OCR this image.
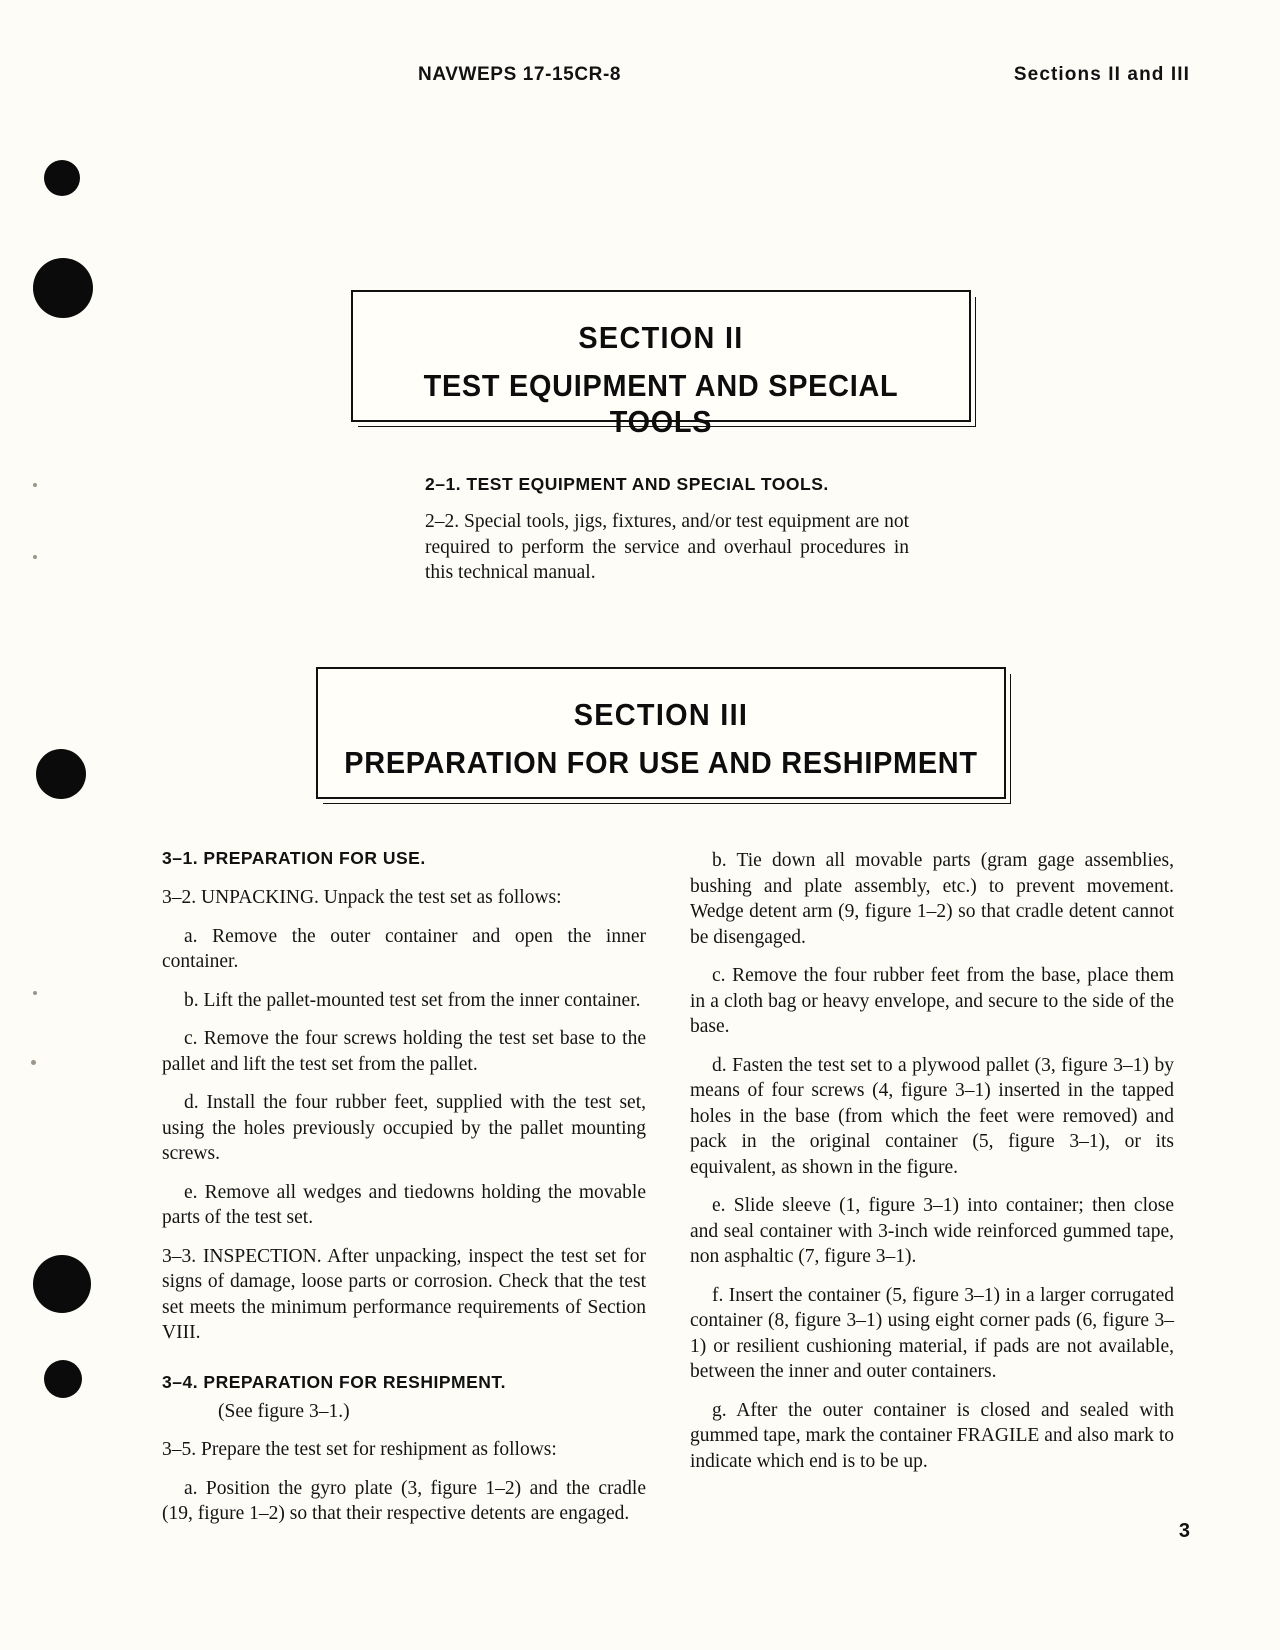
NAVWEPS 17-15CR-8	Sections II and III

SECTION II

TEST EQUIPMENT AND SPECIAL TOOLS

2–1. TEST EQUIPMENT AND SPECIAL TOOLS.

2–2. Special tools, jigs, fixtures, and/or test equipment are not required to perform the service and overhaul procedures in this technical manual.

SECTION III

PREPARATION FOR USE AND RESHIPMENT

3–1. PREPARATION FOR USE.

3–2. UNPACKING. Unpack the test set as follows:

a. Remove the outer container and open the inner container.

b. Lift the pallet-mounted test set from the inner container.

c. Remove the four screws holding the test set base to the pallet and lift the test set from the pallet.

d. Install the four rubber feet, supplied with the test set, using the holes previously occupied by the pallet mounting screws.

e. Remove all wedges and tiedowns holding the movable parts of the test set.

3–3. INSPECTION. After unpacking, inspect the test set for signs of damage, loose parts or corrosion. Check that the test set meets the minimum performance requirements of Section VIII.

3–4. PREPARATION FOR RESHIPMENT.

(See figure 3–1.)

3–5. Prepare the test set for reshipment as follows:

a. Position the gyro plate (3, figure 1–2) and the cradle (19, figure 1–2) so that their respective detents are engaged.

b. Tie down all movable parts (gram gage assemblies, bushing and plate assembly, etc.) to prevent movement. Wedge detent arm (9, figure 1–2) so that cradle detent cannot be disengaged.

c. Remove the four rubber feet from the base, place them in a cloth bag or heavy envelope, and secure to the side of the base.

d. Fasten the test set to a plywood pallet (3, figure 3–1) by means of four screws (4, figure 3–1) inserted in the tapped holes in the base (from which the feet were removed) and pack in the original container (5, figure 3–1), or its equivalent, as shown in the figure.

e. Slide sleeve (1, figure 3–1) into container; then close and seal container with 3-inch wide reinforced gummed tape, non asphaltic (7, figure 3–1).

f. Insert the container (5, figure 3–1) in a larger corrugated container (8, figure 3–1) using eight corner pads (6, figure 3–1) or resilient cushioning material, if pads are not available, between the inner and outer containers.

g. After the outer container is closed and sealed with gummed tape, mark the container FRAGILE and also mark to indicate which end is to be up.

3
